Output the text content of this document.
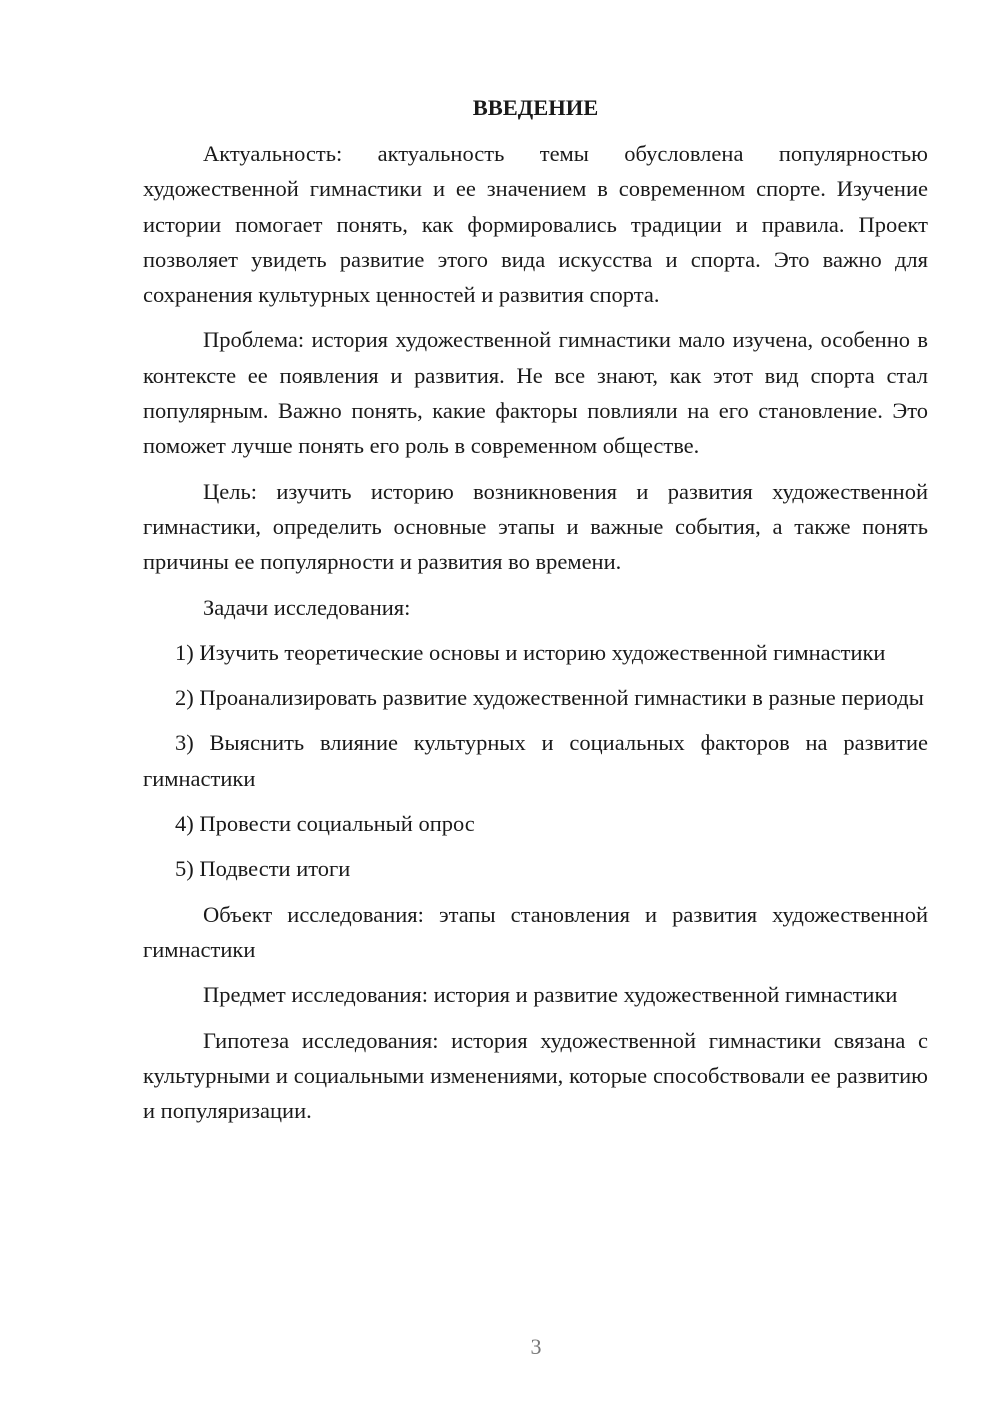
ВВЕДЕНИЕ

Актуальность: актуальность темы обусловлена популярностью художественной гимнастики и ее значением в современном спорте. Изучение истории помогает понять, как формировались традиции и правила. Проект позволяет увидеть развитие этого вида искусства и спорта. Это важно для сохранения культурных ценностей и развития спорта.

Проблема: история художественной гимнастики мало изучена, особенно в контексте ее появления и развития. Не все знают, как этот вид спорта стал популярным. Важно понять, какие факторы повлияли на его становление. Это поможет лучше понять его роль в современном обществе.

Цель: изучить историю возникновения и развития художественной гимнастики, определить основные этапы и важные события, а также понять причины ее популярности и развития во времени.

Задачи исследования:

1) Изучить теоретические основы и историю художественной гимнастики

2) Проанализировать развитие художественной гимнастики в разные периоды

3) Выяснить влияние культурных и социальных факторов на развитие гимнастики

4) Провести социальный опрос

5) Подвести итоги

Объект исследования: этапы становления и развития художественной гимнастики

Предмет исследования: история и развитие художественной гимнастики

Гипотеза исследования: история художественной гимнастики связана с культурными и социальными изменениями, которые способствовали ее развитию и популяризации.

3
